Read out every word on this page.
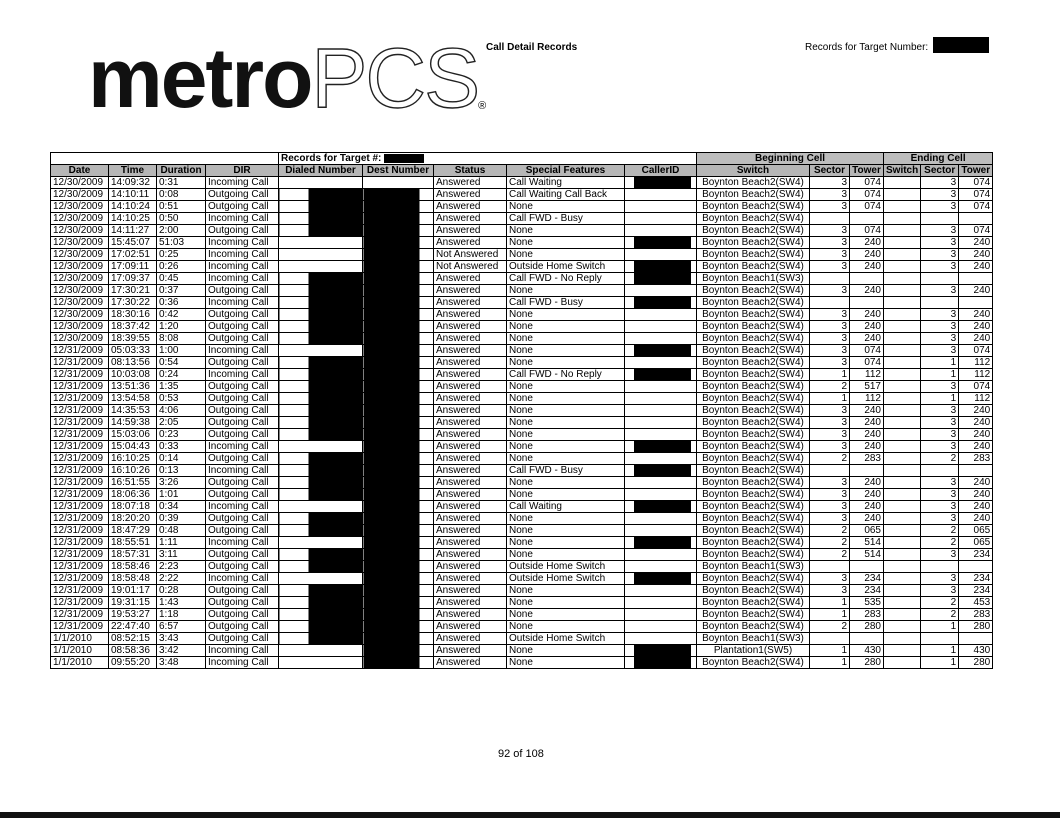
metroPCS®
Call Detail Records	Records for Target Number:
				Records for Target #:					Beginning Cell			Ending Cell		
Date	Time	Duration	DIR	Dialed Number	Dest Number	Status	Special Features	CallerID	Switch	Sector	Tower	Switch	Sector	Tower
12/30/2009	14:09:32	0:31	Incoming Call			Answered	Call Waiting		Boynton Beach2(SW4)	3	074		3	074
12/30/2009	14:10:11	0:08	Outgoing Call			Answered	Call Waiting Call Back		Boynton Beach2(SW4)	3	074		3	074
12/30/2009	14:10:24	0:51	Outgoing Call			Answered	None		Boynton Beach2(SW4)	3	074		3	074
12/30/2009	14:10:25	0:50	Incoming Call			Answered	Call FWD - Busy		Boynton Beach2(SW4)					
12/30/2009	14:11:27	2:00	Outgoing Call			Answered	None		Boynton Beach2(SW4)	3	074		3	074
12/30/2009	15:45:07	51:03	Incoming Call			Answered	None		Boynton Beach2(SW4)	3	240		3	240
12/30/2009	17:02:51	0:25	Incoming Call			Not Answered	None		Boynton Beach2(SW4)	3	240		3	240
12/30/2009	17:09:11	0:26	Incoming Call			Not Answered	Outside Home Switch		Boynton Beach2(SW4)	3	240		3	240
12/30/2009	17:09:37	0:45	Incoming Call			Answered	Call FWD - No Reply		Boynton Beach1(SW3)					
12/30/2009	17:30:21	0:37	Outgoing Call			Answered	None		Boynton Beach2(SW4)	3	240		3	240
12/30/2009	17:30:22	0:36	Incoming Call			Answered	Call FWD - Busy		Boynton Beach2(SW4)					
12/30/2009	18:30:16	0:42	Outgoing Call			Answered	None		Boynton Beach2(SW4)	3	240		3	240
12/30/2009	18:37:42	1:20	Outgoing Call			Answered	None		Boynton Beach2(SW4)	3	240		3	240
12/30/2009	18:39:55	8:08	Outgoing Call			Answered	None		Boynton Beach2(SW4)	3	240		3	240
12/31/2009	05:03:33	1:00	Incoming Call			Answered	None		Boynton Beach2(SW4)	3	074		3	074
12/31/2009	08:13:56	0:54	Outgoing Call			Answered	None		Boynton Beach2(SW4)	3	074		1	112
12/31/2009	10:03:08	0:24	Incoming Call			Answered	Call FWD - No Reply		Boynton Beach2(SW4)	1	112		1	112
12/31/2009	13:51:36	1:35	Outgoing Call			Answered	None		Boynton Beach2(SW4)	2	517		3	074
12/31/2009	13:54:58	0:53	Outgoing Call			Answered	None		Boynton Beach2(SW4)	1	112		1	112
12/31/2009	14:35:53	4:06	Outgoing Call			Answered	None		Boynton Beach2(SW4)	3	240		3	240
12/31/2009	14:59:38	2:05	Outgoing Call			Answered	None		Boynton Beach2(SW4)	3	240		3	240
12/31/2009	15:03:06	0:23	Outgoing Call			Answered	None		Boynton Beach2(SW4)	3	240		3	240
12/31/2009	15:04:43	0:33	Incoming Call			Answered	None		Boynton Beach2(SW4)	3	240		3	240
12/31/2009	16:10:25	0:14	Outgoing Call			Answered	None		Boynton Beach2(SW4)	2	283		2	283
12/31/2009	16:10:26	0:13	Incoming Call			Answered	Call FWD - Busy		Boynton Beach2(SW4)					
12/31/2009	16:51:55	3:26	Outgoing Call			Answered	None		Boynton Beach2(SW4)	3	240		3	240
12/31/2009	18:06:36	1:01	Outgoing Call			Answered	None		Boynton Beach2(SW4)	3	240		3	240
12/31/2009	18:07:18	0:34	Incoming Call			Answered	Call Waiting		Boynton Beach2(SW4)	3	240		3	240
12/31/2009	18:20:20	0:39	Outgoing Call			Answered	None		Boynton Beach2(SW4)	3	240		3	240
12/31/2009	18:47:29	0:48	Outgoing Call			Answered	None		Boynton Beach2(SW4)	2	065		2	065
12/31/2009	18:55:51	1:11	Incoming Call			Answered	None		Boynton Beach2(SW4)	2	514		2	065
12/31/2009	18:57:31	3:11	Outgoing Call			Answered	None		Boynton Beach2(SW4)	2	514		3	234
12/31/2009	18:58:46	2:23	Outgoing Call			Answered	Outside Home Switch		Boynton Beach1(SW3)					
12/31/2009	18:58:48	2:22	Incoming Call			Answered	Outside Home Switch		Boynton Beach2(SW4)	3	234		3	234
12/31/2009	19:01:17	0:28	Outgoing Call			Answered	None		Boynton Beach2(SW4)	3	234		3	234
12/31/2009	19:31:15	1:43	Outgoing Call			Answered	None		Boynton Beach2(SW4)	1	535		2	453
12/31/2009	19:53:27	1:18	Outgoing Call			Answered	None		Boynton Beach2(SW4)	1	283		2	283
12/31/2009	22:47:40	6:57	Outgoing Call			Answered	None		Boynton Beach2(SW4)	2	280		1	280
1/1/2010	08:52:15	3:43	Outgoing Call			Answered	Outside Home Switch		Boynton Beach1(SW3)					
1/1/2010	08:58:36	3:42	Incoming Call			Answered	None		Plantation1(SW5)	1	430		1	430
1/1/2010	09:55:20	3:48	Incoming Call			Answered	None		Boynton Beach2(SW4)	1	280		1	280
92 of 108
